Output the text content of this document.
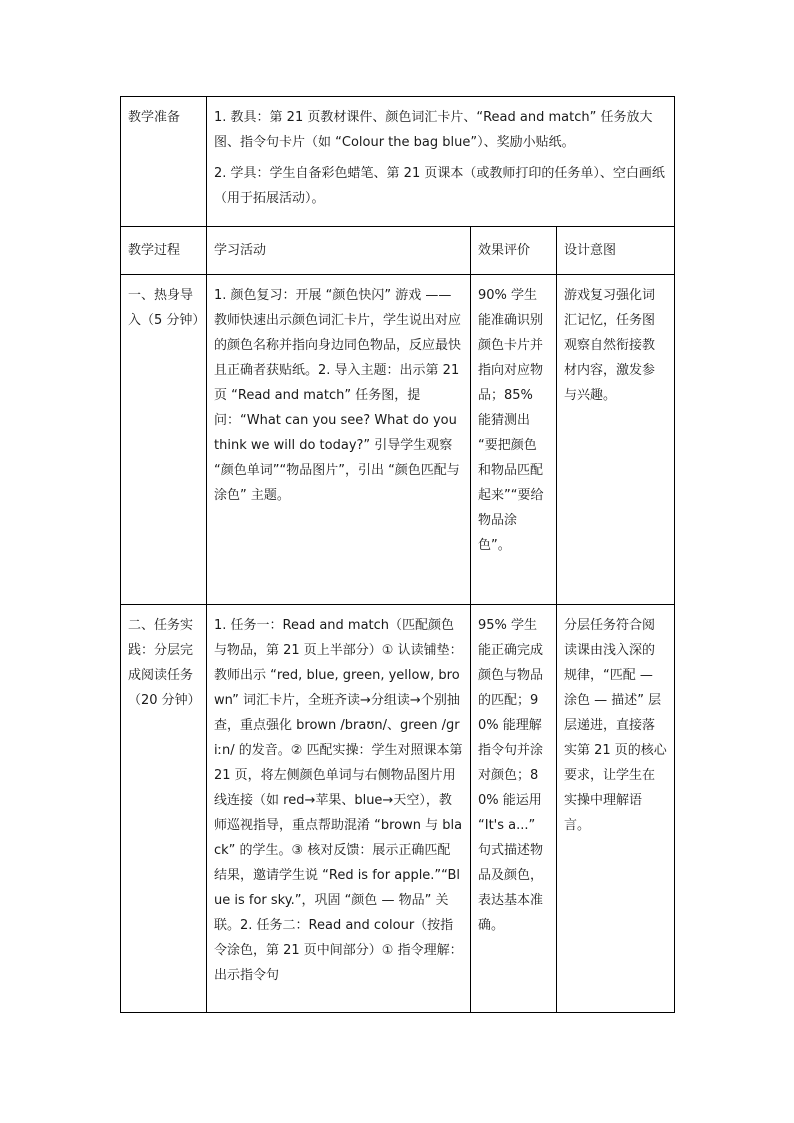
教学准备	1. 教具：第 21 页教材课件、颜色词汇卡片、“Read and match” 任务放大图、指令句卡片（如 “Colour the bag blue”）、奖励小贴纸。

2. 学具：学生自备彩色蜡笔、第 21 页课本（或教师打印的任务单）、空白画纸（用于拓展活动）。		

教学过程	学习活动	效果评价	设计意图
一、热身导入（5 分钟）	1. 颜色复习：开展 “颜色快闪” 游戏 —— 教师快速出示颜色词汇卡片，学生说出对应的颜色名称并指向身边同色物品，反应最快且正确者获贴纸。2. 导入主题：出示第 21 页 “Read and match” 任务图，提问：“What can you see? What do you think we will do today?” 引导学生观察 “颜色单词”“物品图片”，引出 “颜色匹配与涂色” 主题。	90% 学生能准确识别颜色卡片并指向对应物品；85% 能猜测出 “要把颜色和物品匹配起来”“要给物品涂色”。	游戏复习强化词汇记忆，任务图观察自然衔接教材内容，激发参与兴趣。
二、任务实践：分层完成阅读任务（20 分钟）	1. 任务一：Read and match（匹配颜色与物品，第 21 页上半部分）① 认读铺垫：教师出示 “red, blue, green, yellow, brown” 词汇卡片，全班齐读→分组读→个别抽查，重点强化 brown /braʊn/、green /ɡriːn/ 的发音。② 匹配实操：学生对照课本第 21 页，将左侧颜色单词与右侧物品图片用线连接（如 red→苹果、blue→天空），教师巡视指导，重点帮助混淆 “brown 与 black” 的学生。③ 核对反馈：展示正确匹配结果，邀请学生说 “Red is for apple.”“Blue is for sky.”，巩固 “颜色 — 物品” 关联。2. 任务二：Read and colour（按指令涂色，第 21 页中间部分）① 指令理解：出示指令句	95% 学生能正确完成颜色与物品的匹配；90% 能理解指令句并涂对颜色；80% 能运用 “It's a...” 句式描述物品及颜色，表达基本准确。	分层任务符合阅读课由浅入深的规律，“匹配 — 涂色 — 描述” 层层递进，直接落实第 21 页的核心要求，让学生在实操中理解语言。
